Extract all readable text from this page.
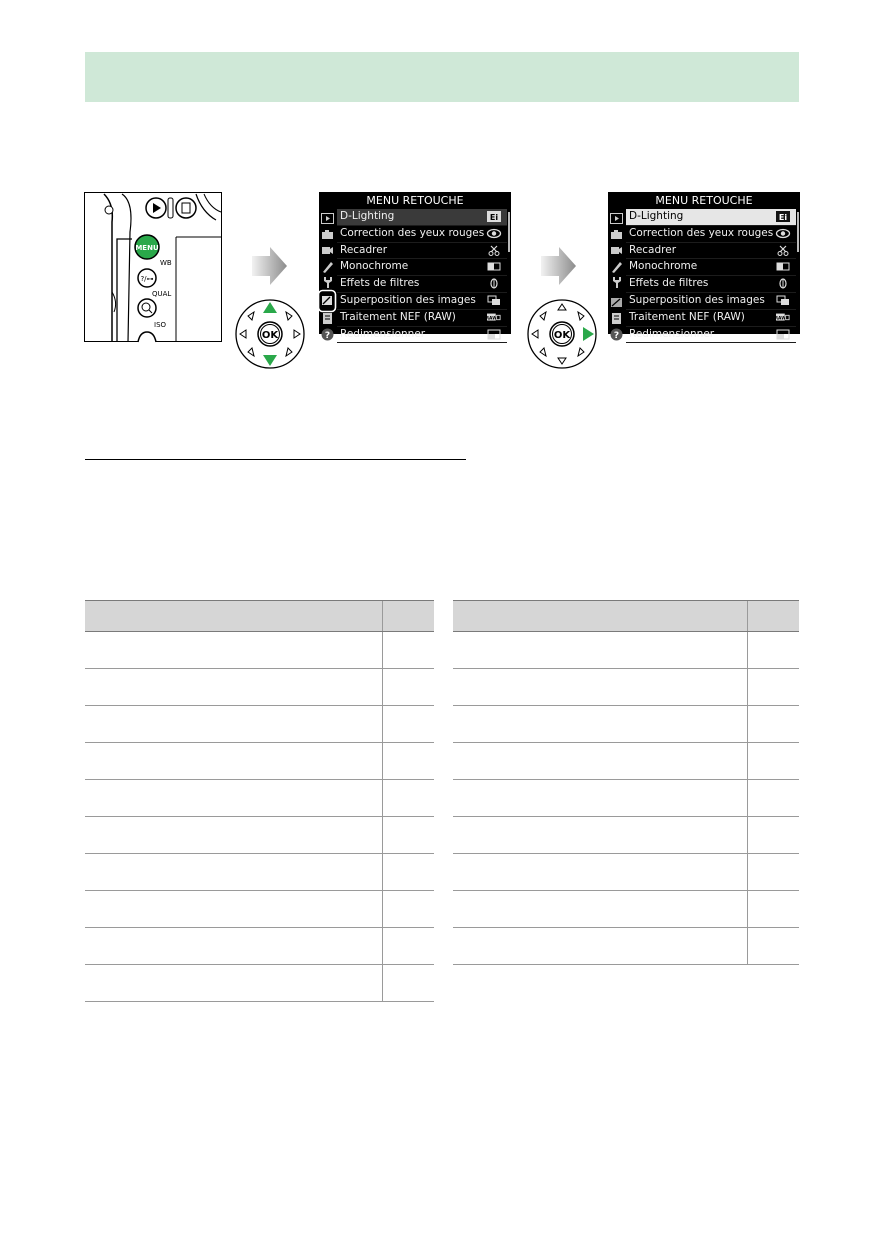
MENU
WB
?/⊶
QUAL
ISO
OK
MENU RETOUCHE
?
D-Lighting	Ei
Correction des yeux rouges
Recadrer
Monochrome
Effets de filtres
Superposition des images
Traitement NEF (RAW)	RAW
Redimensionner	OK
MENU RETOUCHE
?
D-Lighting	Ei
Correction des yeux rouges
Recadrer
Monochrome
Effets de filtres
Superposition des images
Traitement NEF (RAW)	RAW
Redimensionner
